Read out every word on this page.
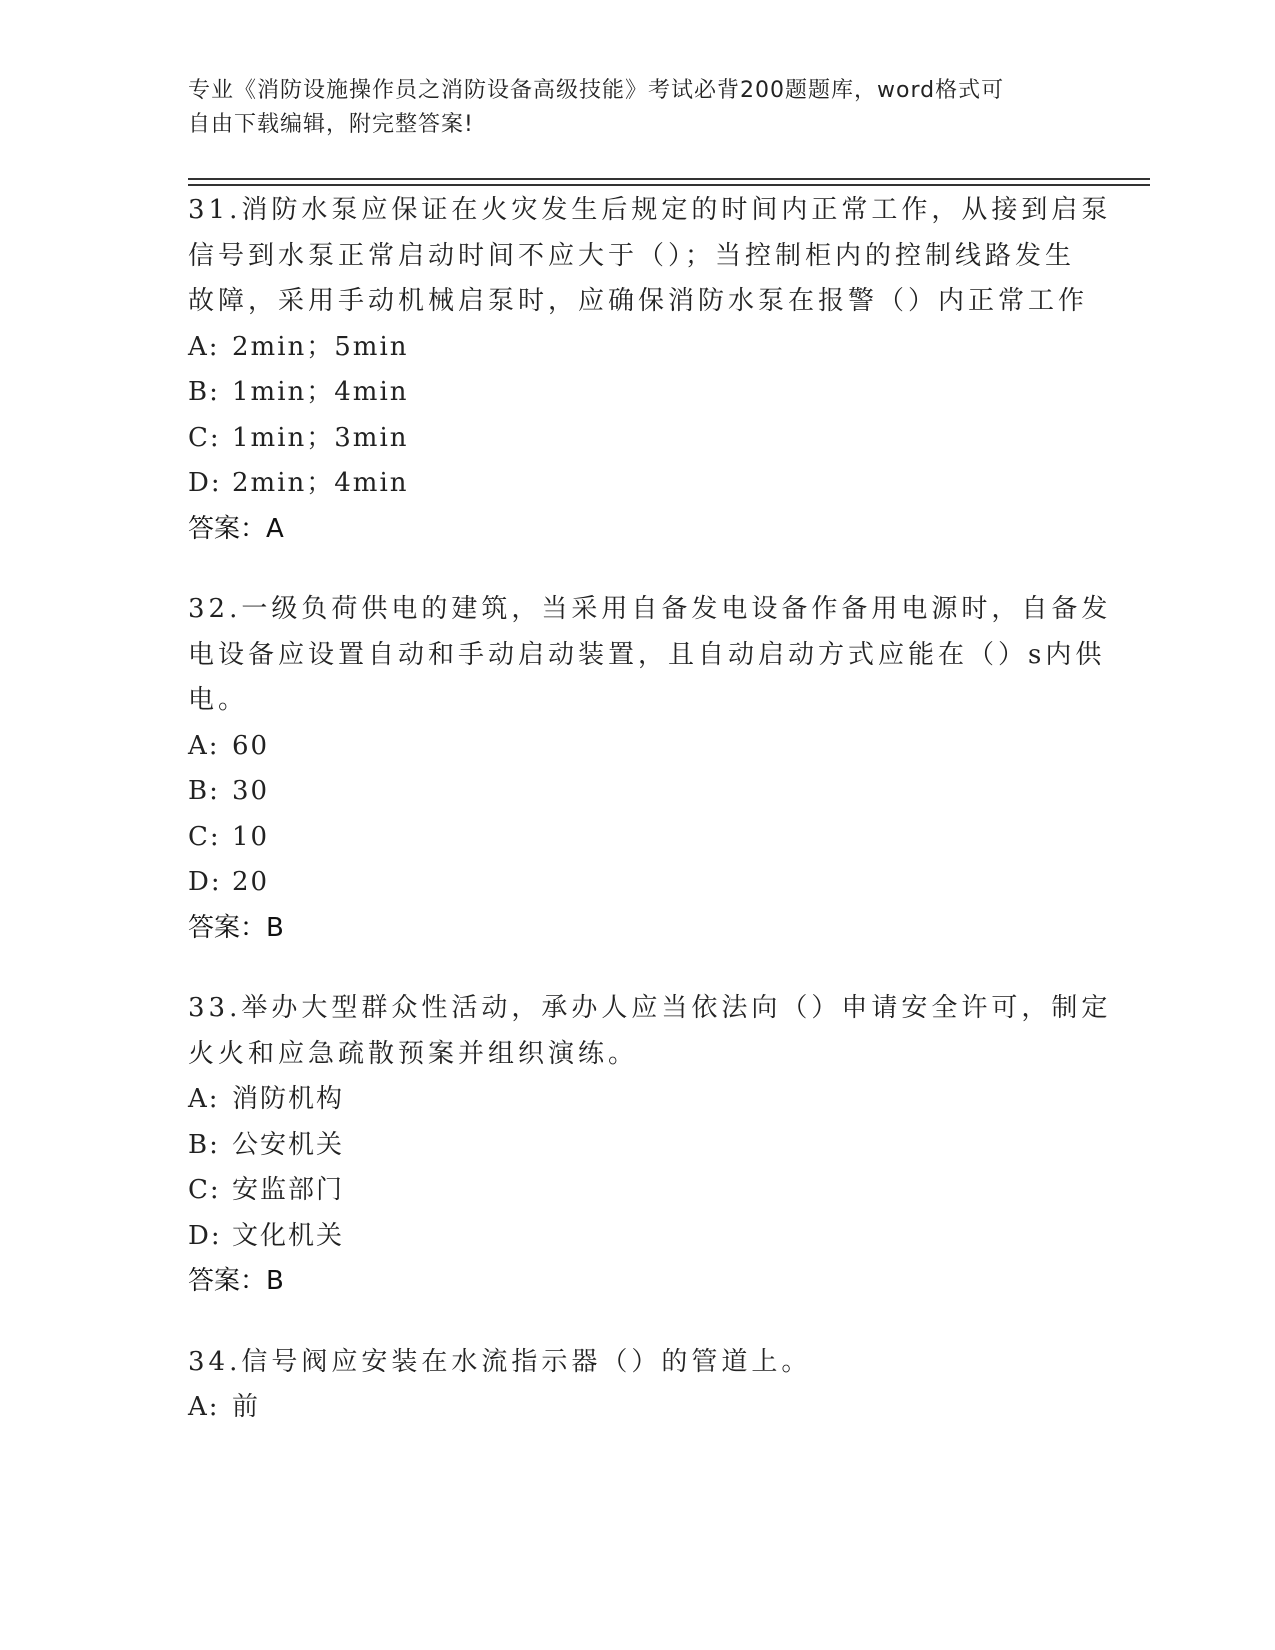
专业《消防设施操作员之消防设备高级技能》考试必背200题题库，word格式可
自由下载编辑，附完整答案!
31.消防水泵应保证在火灾发生后规定的时间内正常工作，从接到启泵
信号到水泵正常启动时间不应大于（）；当控制柜内的控制线路发生
故障，采用手动机械启泵时，应确保消防水泵在报警（）内正常工作
A: 2min；5min
B: 1min；4min
C: 1min；3min
D: 2min；4min
答案：A
32.一级负荷供电的建筑，当采用自备发电设备作备用电源时，自备发
电设备应设置自动和手动启动装置，且自动启动方式应能在（）s内供
电。
A: 60
B: 30
C: 10
D: 20
答案：B
33.举办大型群众性活动，承办人应当依法向（）申请安全许可，制定
火火和应急疏散预案并组织演练。
A: 消防机构
B: 公安机关
C: 安监部门
D: 文化机关
答案：B
34.信号阀应安装在水流指示器（）的管道上。
A: 前
